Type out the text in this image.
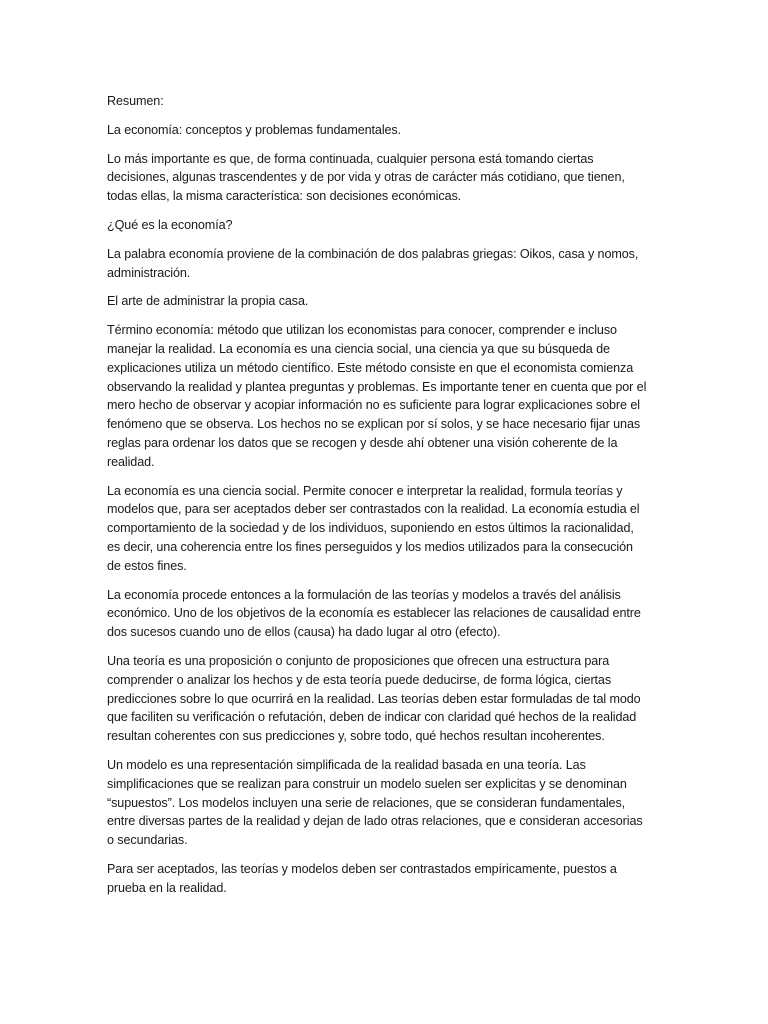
Resumen:

La economía: conceptos y problemas fundamentales.

Lo más importante es que, de forma continuada, cualquier persona está tomando ciertas decisiones, algunas trascendentes y de por vida y otras de carácter más cotidiano, que tienen, todas ellas, la misma característica: son decisiones económicas.

¿Qué es la economía?

La palabra economía proviene de la combinación de dos palabras griegas: Oikos, casa y nomos, administración.

El arte de administrar la propia casa.

Término economía: método que utilizan los economistas para conocer, comprender e incluso manejar la realidad. La economía es una ciencia social, una ciencia ya que su búsqueda de explicaciones utiliza un método científico. Este método consiste en que el economista comienza observando la realidad y plantea preguntas y problemas. Es importante tener en cuenta que por el mero hecho de observar y acopiar información no es suficiente para lograr explicaciones sobre el fenómeno que se observa. Los hechos no se explican por sí solos, y se hace necesario fijar unas reglas para ordenar los datos que se recogen y desde ahí obtener una visión coherente de la realidad.

La economía es una ciencia social. Permite conocer e interpretar la realidad, formula teorías y modelos que, para ser aceptados deber ser contrastados con la realidad. La economía estudia el comportamiento de la sociedad y de los individuos, suponiendo en estos últimos la racionalidad, es decir, una coherencia entre los fines perseguidos y los medios utilizados para la consecución de estos fines.

La economía procede entonces a la formulación de las teorías y modelos a través del análisis económico. Uno de los objetivos de la economía es establecer las relaciones de causalidad entre dos sucesos cuando uno de ellos (causa) ha dado lugar al otro (efecto).

Una teoría es una proposición o conjunto de proposiciones que ofrecen una estructura para comprender o analizar los hechos y de esta teoría puede deducirse, de forma lógica, ciertas predicciones sobre lo que ocurrirá en la realidad. Las teorías deben estar formuladas de tal modo que faciliten su verificación o refutación, deben de indicar con claridad qué hechos de la realidad resultan coherentes con sus predicciones y, sobre todo, qué hechos resultan incoherentes.

Un modelo es una representación simplificada de la realidad basada en una teoría. Las simplificaciones que se realizan para construir un modelo suelen ser explicitas y se denominan “supuestos”. Los modelos incluyen una serie de relaciones, que se consideran fundamentales, entre diversas partes de la realidad y dejan de lado otras relaciones, que e consideran accesorias o secundarias.

Para ser aceptados, las teorías y modelos deben ser contrastados empíricamente, puestos a prueba en la realidad.
